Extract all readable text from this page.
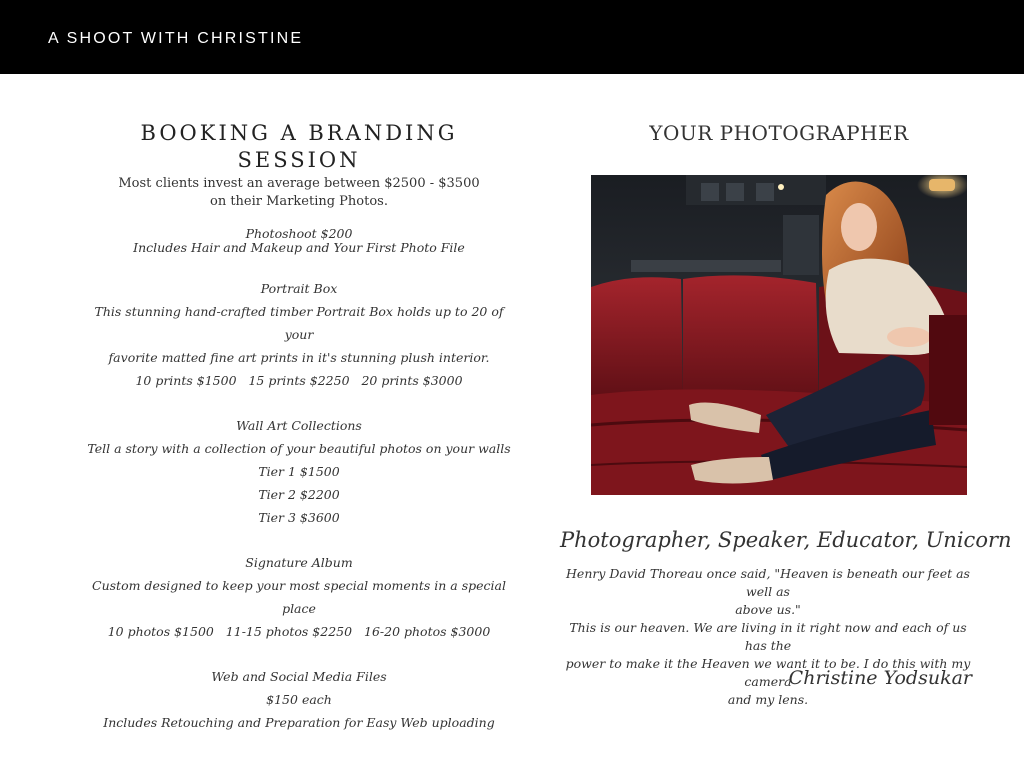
A SHOOT WITH CHRISTINE
BOOKING A BRANDING SESSION
Most clients invest an average between $2500 - $3500
on their Marketing Photos.
Photoshoot $200
Includes Hair and Makeup and Your First Photo File
Portrait Box
This stunning hand-crafted timber Portrait Box holds up to 20 of your
favorite matted fine art prints in it's stunning plush interior.
10 prints $1500   15 prints $2250   20 prints $3000
Wall Art Collections
Tell a story with a collection of your beautiful photos on your walls
Tier 1 $1500
Tier 2 $2200
Tier 3 $3600
Signature Album
Custom designed to keep your most special moments in a special place
10 photos $1500   11-15 photos $2250   16-20 photos $3000
Web and Social Media Files
$150 each
Includes Retouching and Preparation for Easy Web uploading
YOUR PHOTOGRAPHER
Photographer, Speaker, Educator, Unicorn
Henry David Thoreau once said, "Heaven is beneath our feet as well as
above us."
This is our heaven. We are living in it right now and each of us has the
power to make it the Heaven we want it to be. I do this with my camera
and my lens.
Christine Yodsukar
